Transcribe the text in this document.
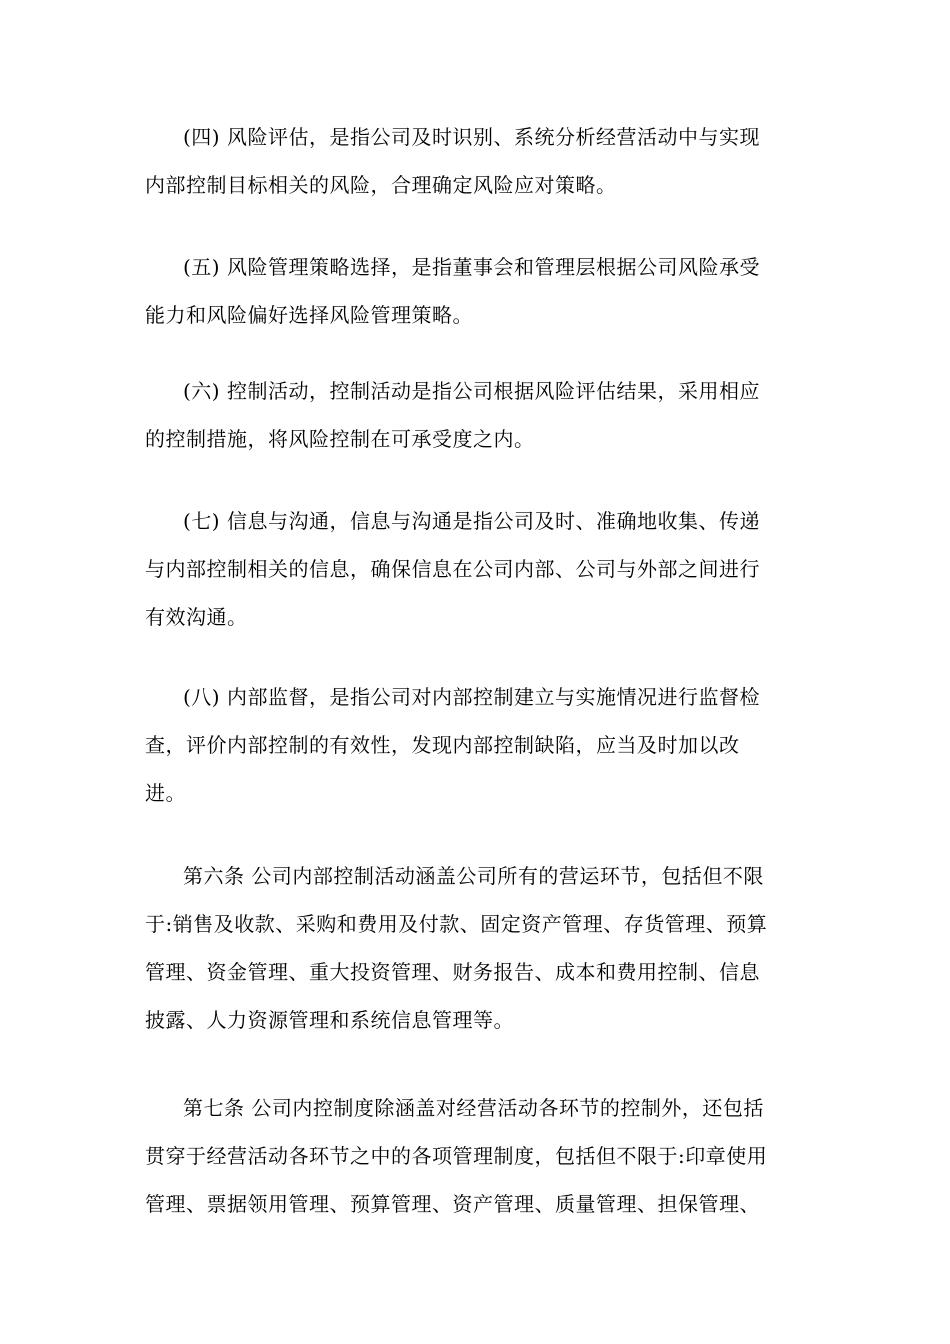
(四) 风险评估，是指公司及时识别、系统分析经营活动中与实现
内部控制目标相关的风险，合理确定风险应对策略。
(五) 风险管理策略选择，是指董事会和管理层根据公司风险承受
能力和风险偏好选择风险管理策略。
(六) 控制活动，控制活动是指公司根据风险评估结果，采用相应
的控制措施，将风险控制在可承受度之内。
(七) 信息与沟通，信息与沟通是指公司及时、准确地收集、传递
与内部控制相关的信息，确保信息在公司内部、公司与外部之间进行
有效沟通。
(八) 内部监督，是指公司对内部控制建立与实施情况进行监督检
查，评价内部控制的有效性，发现内部控制缺陷，应当及时加以改
进。
第六条 公司内部控制活动涵盖公司所有的营运环节，包括但不限
于:销售及收款、采购和费用及付款、固定资产管理、存货管理、预算
管理、资金管理、重大投资管理、财务报告、成本和费用控制、信息
披露、人力资源管理和系统信息管理等。
第七条 公司内控制度除涵盖对经营活动各环节的控制外，还包括
贯穿于经营活动各环节之中的各项管理制度，包括但不限于:印章使用
管理、票据领用管理、预算管理、资产管理、质量管理、担保管理、
